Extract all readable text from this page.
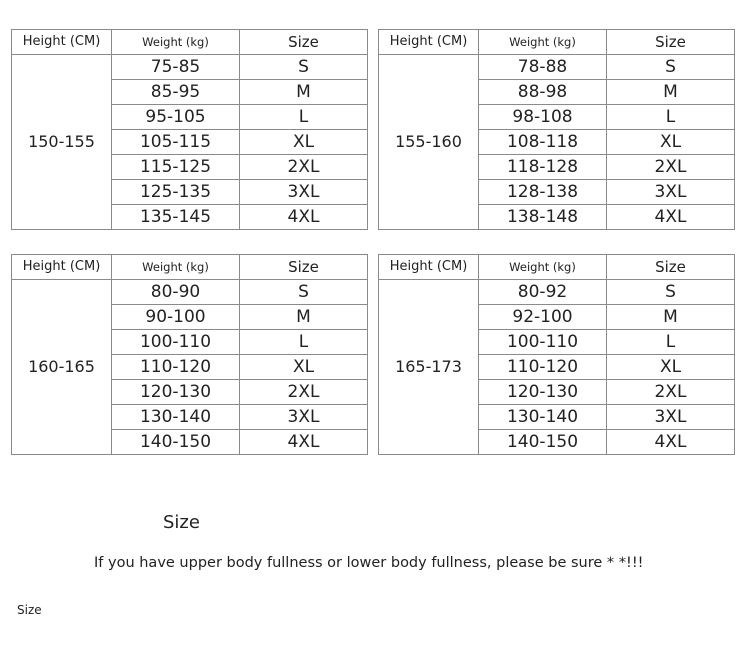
Height (CM)	Weight (kg)	Size
150-155	75-85	S
	85-95	M
	95-105	L
	105-115	XL
	115-125	2XL
	125-135	3XL
	135-145	4XL
Height (CM)	Weight (kg)	Size
155-160	78-88	S
	88-98	M
	98-108	L
	108-118	XL
	118-128	2XL
	128-138	3XL
	138-148	4XL
Height (CM)	Weight (kg)	Size
160-165	80-90	S
	90-100	M
	100-110	L
	110-120	XL
	120-130	2XL
	130-140	3XL
	140-150	4XL
Height (CM)	Weight (kg)	Size
165-173	80-92	S
	92-100	M
	100-110	L
	110-120	XL
	120-130	2XL
	130-140	3XL
	140-150	4XL
Size
If you have upper body fullness or lower body fullness, please be sure * *!!!
Size
